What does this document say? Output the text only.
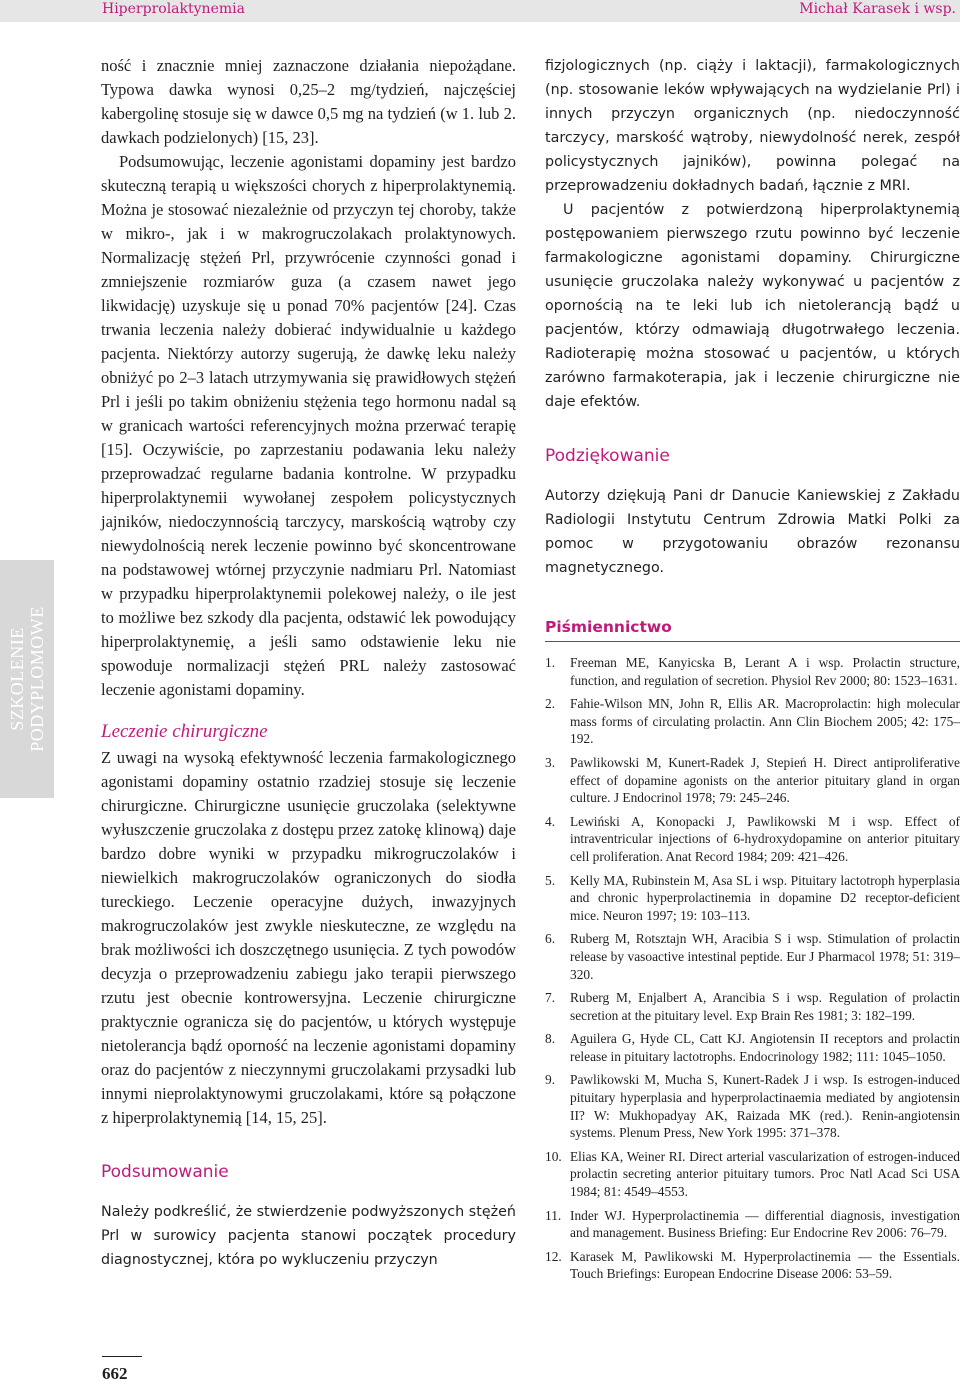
Hiperprolaktynemia	Michał Karasek i wsp.
SZKOLENIE PODYPLOMOWE

ność i znacznie mniej zaznaczone działania niepożądane. Typowa dawka wynosi 0,25–2 mg/tydzień, najczęściej kabergolinę stosuje się w dawce 0,5 mg na tydzień (w 1. lub 2. dawkach podzielonych) [15, 23].

Podsumowując, leczenie agonistami dopaminy jest bardzo skuteczną terapią u większości chorych z hiperprolaktynemią. Można je stosować niezależnie od przyczyn tej choroby, także w mikro-, jak i w makrogruczolakach prolaktynowych. Normalizację stężeń Prl, przywrócenie czynności gonad i zmniejszenie rozmiarów guza (a czasem nawet jego likwidację) uzyskuje się u ponad 70% pacjentów [24]. Czas trwania leczenia należy dobierać indywidualnie u każdego pacjenta. Niektórzy autorzy sugerują, że dawkę leku należy obniżyć po 2–3 latach utrzymywania się prawidłowych stężeń Prl i jeśli po takim obniżeniu stężenia tego hormonu nadal są w granicach wartości referencyjnych można przerwać terapię [15]. Oczywiście, po zaprzestaniu podawania leku należy przeprowadzać regularne badania kontrolne. W przypadku hiperprolaktynemii wywołanej zespołem policystycznych jajników, niedoczynnością tarczycy, marskością wątroby czy niewydolnością nerek leczenie powinno być skoncentrowane na podstawowej wtórnej przyczynie nadmiaru Prl. Natomiast w przypadku hiperprolaktynemii polekowej należy, o ile jest to możliwe bez szkody dla pacjenta, odstawić lek powodujący hiperprolaktynemię, a jeśli samo odstawienie leku nie spowoduje normalizacji stężeń PRL należy zastosować leczenie agonistami dopaminy.

Leczenie chirurgiczne

Z uwagi na wysoką efektywność leczenia farmakologicznego agonistami dopaminy ostatnio rzadziej stosuje się leczenie chirurgiczne. Chirurgiczne usunięcie gruczolaka (selektywne wyłuszczenie gruczolaka z dostępu przez zatokę klinową) daje bardzo dobre wyniki w przypadku mikrogruczolaków i niewielkich makrogruczolaków ograniczonych do siodła tureckiego. Leczenie operacyjne dużych, inwazyjnych makrogruczolaków jest zwykle nieskuteczne, ze względu na brak możliwości ich doszczętnego usunięcia. Z tych powodów decyzja o przeprowadzeniu zabiegu jako terapii pierwszego rzutu jest obecnie kontrowersyjna. Leczenie chirurgiczne praktycznie ogranicza się do pacjentów, u których występuje nietolerancja bądź oporność na leczenie agonistami dopaminy oraz do pacjentów z nieczynnymi gruczolakami przysadki lub innymi nieprolaktynowymi gruczolakami, które są połączone z hiperprolaktynemią [14, 15, 25].

Podsumowanie

Należy podkreślić, że stwierdzenie podwyższonych stężeń Prl w surowicy pacjenta stanowi początek procedury diagnostycznej, która po wykluczeniu przyczyn

fizjologicznych (np. ciąży i laktacji), farmakologicznych (np. stosowanie leków wpływających na wydzielanie Prl) i innych przyczyn organicznych (np. niedoczynność tarczycy, marskość wątroby, niewydolność nerek, zespół policystycznych jajników), powinna polegać na przeprowadzeniu dokładnych badań, łącznie z MRI.

U pacjentów z potwierdzoną hiperprolaktynemią postępowaniem pierwszego rzutu powinno być leczenie farmakologiczne agonistami dopaminy. Chirurgiczne usunięcie gruczolaka należy wykonywać u pacjentów z opornością na te leki lub ich nietolerancją bądź u pacjentów, którzy odmawiają długotrwałego leczenia. Radioterapię można stosować u pacjentów, u których zarówno farmakoterapia, jak i leczenie chirurgiczne nie daje efektów.

Podziękowanie

Autorzy dziękują Pani dr Danucie Kaniewskiej z Zakładu Radiologii Instytutu Centrum Zdrowia Matki Polki za pomoc w przygotowaniu obrazów rezonansu magnetycznego.

Piśmiennictwo
1. Freeman ME, Kanyicska B, Lerant A i wsp. Prolactin structure, function, and regulation of secretion. Physiol Rev 2000; 80: 1523–1631.
2. Fahie-Wilson MN, John R, Ellis AR. Macroprolactin: high molecular mass forms of circulating prolactin. Ann Clin Biochem 2005; 42: 175–192.
3. Pawlikowski M, Kunert-Radek J, Stepień H. Direct antiproliferative effect of dopamine agonists on the anterior pituitary gland in organ culture. J Endocrinol 1978; 79: 245–246.
4. Lewiński A, Konopacki J, Pawlikowski M i wsp. Effect of intraventricular injections of 6-hydroxydopamine on anterior pituitary cell proliferation. Anat Record 1984; 209: 421–426.
5. Kelly MA, Rubinstein M, Asa SL i wsp. Pituitary lactotroph hyperplasia and chronic hyperprolactinemia in dopamine D2 receptor-deficient mice. Neuron 1997; 19: 103–113.
6. Ruberg M, Rotsztajn WH, Aracibia S i wsp. Stimulation of prolactin release by vasoactive intestinal peptide. Eur J Pharmacol 1978; 51: 319–320.
7. Ruberg M, Enjalbert A, Arancibia S i wsp. Regulation of prolactin secretion at the pituitary level. Exp Brain Res 1981; 3: 182–199.
8. Aguilera G, Hyde CL, Catt KJ. Angiotensin II receptors and prolactin release in pituitary lactotrophs. Endocrinology 1982; 111: 1045–1050.
9. Pawlikowski M, Mucha S, Kunert-Radek J i wsp. Is estrogen-induced pituitary hyperplasia and hyperprolactinaemia mediated by angiotensin II? W: Mukhopadyay AK, Raizada MK (red.). Renin-angiotensin systems. Plenum Press, New York 1995: 371–378.
10. Elias KA, Weiner RI. Direct arterial vascularization of estrogen-induced prolactin secreting anterior pituitary tumors. Proc Natl Acad Sci USA 1984; 81: 4549–4553.
11. Inder WJ. Hyperprolactinemia — differential diagnosis, investigation and management. Business Briefing: Eur Endocrine Rev 2006: 76–79.
12. Karasek M, Pawlikowski M. Hyperprolactinemia — the Essentials. Touch Briefings: European Endocrine Disease 2006: 53–59.
662
